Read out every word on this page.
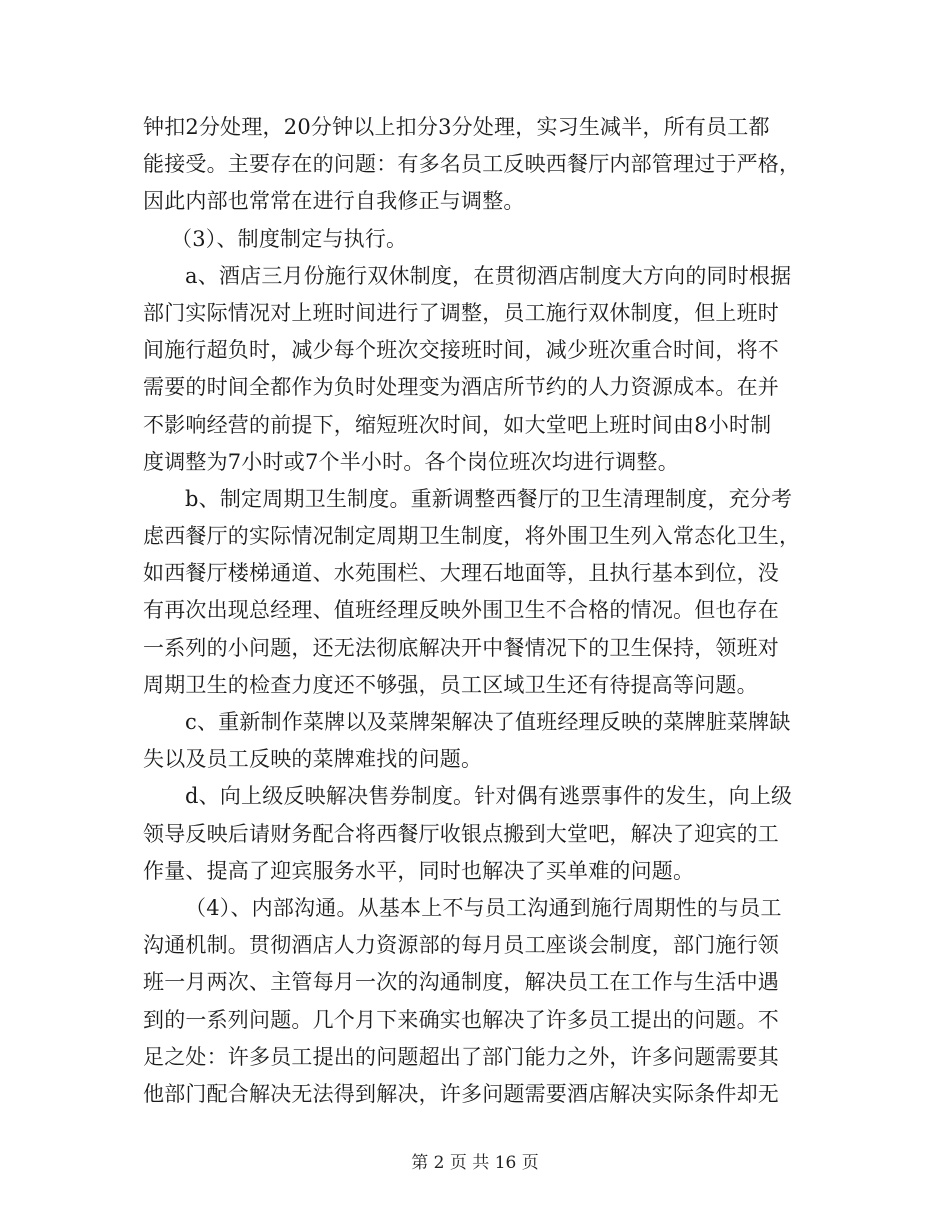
钟扣2分处理，20分钟以上扣分3分处理，实习生减半，所有员工都
能接受。主要存在的问题：有多名员工反映西餐厅内部管理过于严格，
因此内部也常常在进行自我修正与调整。
（3）、制度制定与执行。
a、酒店三月份施行双休制度，在贯彻酒店制度大方向的同时根据
部门实际情况对上班时间进行了调整，员工施行双休制度，但上班时
间施行超负时，减少每个班次交接班时间，减少班次重合时间，将不
需要的时间全都作为负时处理变为酒店所节约的人力资源成本。在并
不影响经营的前提下，缩短班次时间，如大堂吧上班时间由8小时制
度调整为7小时或7个半小时。各个岗位班次均进行调整。
b、制定周期卫生制度。重新调整西餐厅的卫生清理制度，充分考
虑西餐厅的实际情况制定周期卫生制度，将外围卫生列入常态化卫生，
如西餐厅楼梯通道、水苑围栏、大理石地面等，且执行基本到位，没
有再次出现总经理、值班经理反映外围卫生不合格的情况。但也存在
一系列的小问题，还无法彻底解决开中餐情况下的卫生保持，领班对
周期卫生的检查力度还不够强，员工区域卫生还有待提高等问题。
c、重新制作菜牌以及菜牌架解决了值班经理反映的菜牌脏菜牌缺
失以及员工反映的菜牌难找的问题。
d、向上级反映解决售券制度。针对偶有逃票事件的发生，向上级
领导反映后请财务配合将西餐厅收银点搬到大堂吧，解决了迎宾的工
作量、提高了迎宾服务水平，同时也解决了买单难的问题。
（4）、内部沟通。从基本上不与员工沟通到施行周期性的与员工
沟通机制。贯彻酒店人力资源部的每月员工座谈会制度，部门施行领
班一月两次、主管每月一次的沟通制度，解决员工在工作与生活中遇
到的一系列问题。几个月下来确实也解决了许多员工提出的问题。不
足之处：许多员工提出的问题超出了部门能力之外，许多问题需要其
他部门配合解决无法得到解决，许多问题需要酒店解决实际条件却无
第 2 页 共 16 页
